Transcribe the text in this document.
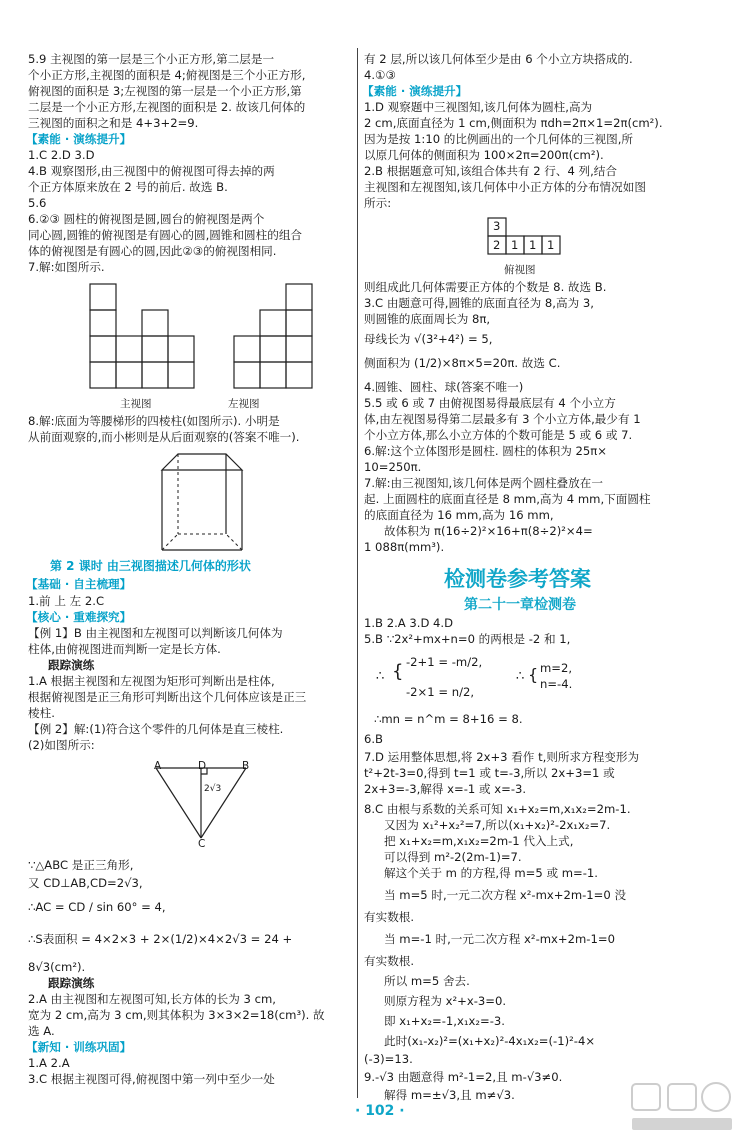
5.9 主视图的第一层是三个小正方形,第二层是一
个小正方形,主视图的面积是 4;俯视图是三个小正方形,
俯视图的面积是 3;左视图的第一层是一个小正方形,第
二层是一个小正方形,左视图的面积是 2. 故该几何体的
三视图的面积之和是 4+3+2=9.
【素能 · 演练提升】
1.C 2.D 3.D
4.B 观察图形,由三视图中的俯视图可得去掉的两
个正方体原来放在 2 号的前后. 故选 B.
5.6
6.②③ 圆柱的俯视图是圆,圆台的俯视图是两个
同心圆,圆锥的俯视图是有圆心的圆,圆锥和圆柱的组合
体的俯视图是有圆心的圆,因此②③的俯视图相同.
7.解:如图所示.
主视图	左视图
8.解:底面为等腰梯形的四棱柱(如图所示). 小明是
从前面观察的,而小彬则是从后面观察的(答案不唯一).
第 2 课时 由三视图描述几何体的形状
【基础 · 自主梳理】
1.前 上 左 2.C
【核心 · 重难探究】
【例 1】B 由主视图和左视图可以判断该几何体为
柱体,由俯视图进而判断一定是长方体.
跟踪演练
1.A 根据主视图和左视图为矩形可判断出是柱体,
根据俯视图是正三角形可判断出这个几何体应该是正三
棱柱.
【例 2】解:(1)符合这个零件的几何体是直三棱柱.
(2)如图所示:
A	D	B
2√3
C
∵△ABC 是正三角形,
又 CD⊥AB,CD=2√3,
∴AC = CD / sin 60° = 4,
∴S表面积 = 4×2×3 + 2×(1/2)×4×2√3 = 24 +
8√3(cm²).
跟踪演练
2.A 由主视图和左视图可知,长方体的长为 3 cm,
宽为 2 cm,高为 3 cm,则其体积为 3×3×2=18(cm³). 故
选 A.
【新知 · 训练巩固】
1.A 2.A
3.C 根据主视图可得,俯视图中第一列中至少一处
有 2 层,所以该几何体至少是由 6 个小立方块搭成的.
4.①③
【素能 · 演练提升】
1.D 观察题中三视图知,该几何体为圆柱,高为
2 cm,底面直径为 1 cm,侧面积为 πdh=2π×1=2π(cm²).
因为是按 1:10 的比例画出的一个几何体的三视图,所
以原几何体的侧面积为 100×2π=200π(cm²).
2.B 根据题意可知,该组合体共有 2 行、4 列,结合
主视图和左视图知,该几何体中小正方体的分布情况如图
所示:
3
2 1 1 1
俯视图
则组成此几何体需要正方体的个数是 8. 故选 B.
3.C 由题意可得,圆锥的底面直径为 8,高为 3,
则圆锥的底面周长为 8π,
母线长为 √(3²+4²) = 5,
侧面积为 (1/2)×8π×5=20π. 故选 C.
4.圆锥、圆柱、球(答案不唯一)
5.5 或 6 或 7 由俯视图易得最底层有 4 个小立方
体,由左视图易得第二层最多有 3 个小立方体,最少有 1
个小立方体,那么小立方体的个数可能是 5 或 6 或 7.
6.解:这个立体图形是圆柱. 圆柱的体积为 25π×
10=250π.
7.解:由三视图知,该几何体是两个圆柱叠放在一
起. 上面圆柱的底面直径是 8 mm,高为 4 mm,下面圆柱
的底面直径为 16 mm,高为 16 mm,
故体积为 π(16÷2)²×16+π(8÷2)²×4=
1 088π(mm³).
检测卷参考答案
第二十一章检测卷
1.B 2.A 3.D 4.D
5.B ∵2x²+mx+n=0 的两根是 -2 和 1,
∴ { -2+1 = -m/2,
-2×1 = n/2,
∴ { m=2,
n=-4.
∴mn = n^m = 8+16 = 8.
6.B
7.D 运用整体思想,将 2x+3 看作 t,则所求方程变形为
t²+2t-3=0,得到 t=1 或 t=-3,所以 2x+3=1 或
2x+3=-3,解得 x=-1 或 x=-3.
8.C 由根与系数的关系可知 x₁+x₂=m,x₁x₂=2m-1.
又因为 x₁²+x₂²=7,所以(x₁+x₂)²-2x₁x₂=7.
把 x₁+x₂=m,x₁x₂=2m-1 代入上式,
可以得到 m²-2(2m-1)=7.
解这个关于 m 的方程,得 m=5 或 m=-1.
当 m=5 时,一元二次方程 x²-mx+2m-1=0 没
有实数根.
当 m=-1 时,一元二次方程 x²-mx+2m-1=0
有实数根.
所以 m=5 舍去.
则原方程为 x²+x-3=0.
即 x₁+x₂=-1,x₁x₂=-3.
此时(x₁-x₂)²=(x₁+x₂)²-4x₁x₂=(-1)²-4×
(-3)=13.
9.-√3 由题意得 m²-1=2,且 m-√3≠0.
解得 m=±√3,且 m≠√3.
· 102 ·
